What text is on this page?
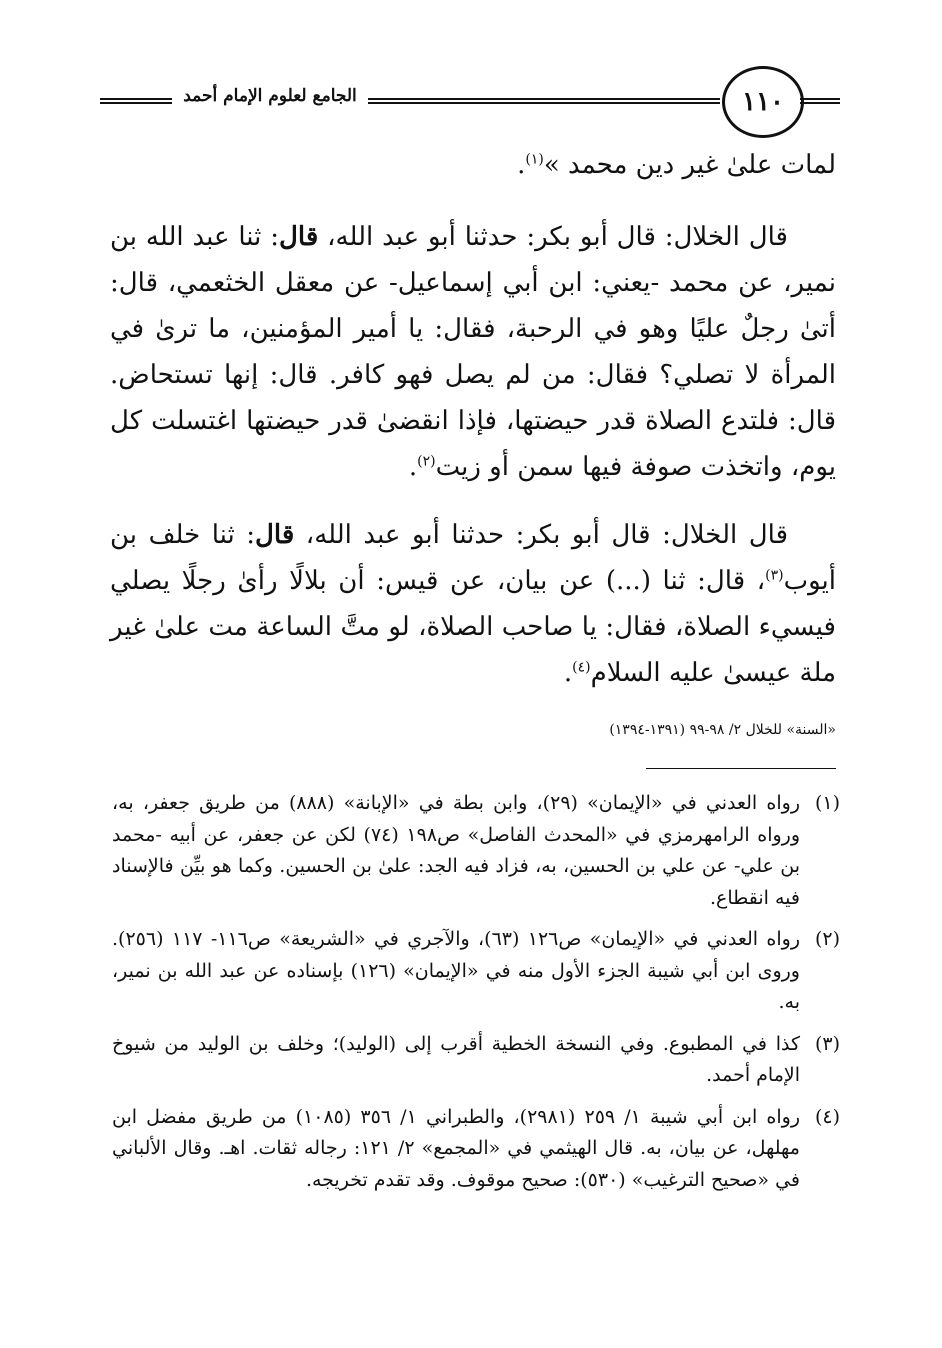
الجامع لعلوم الإمام أحمد	١١٠

لمات علىٰ غير دين محمد »$^{(١)}$.

قال الخلال: قال أبو بكر: حدثنا أبو عبد الله، قال: ثنا عبد الله بن نمير، عن محمد -يعني: ابن أبي إسماعيل- عن معقل الخثعمي، قال: أتىٰ رجلٌ عليًا وهو في الرحبة، فقال: يا أمير المؤمنين، ما ترىٰ في المرأة لا تصلي؟ فقال: من لم يصل فهو كافر. قال: إنها تستحاض. قال: فلتدع الصلاة قدر حيضتها، فإذا انقضىٰ قدر حيضتها اغتسلت كل يوم، واتخذت صوفة فيها سمن أو زيت$^{(٢)}$.

قال الخلال: قال أبو بكر: حدثنا أبو عبد الله، قال: ثنا خلف بن أيوب$^{(٣)}$، قال: ثنا (...) عن بيان، عن قيس: أن بلالًا رأىٰ رجلًا يصلي فيسيء الصلاة، فقال: يا صاحب الصلاة، لو متَّ الساعة مت علىٰ غير ملة عيسىٰ عليه السلام$^{(٤)}$.

«السنة» للخلال ٢/ ٩٨-٩٩ (١٣٩١-١٣٩٤)
(١)
رواه العدني في «الإيمان» (٢٩)، وابن بطة في «الإبانة» (٨٨٨) من طريق جعفر، به، ورواه الرامهرمزي في «المحدث الفاصل» ص١٩٨ (٧٤) لكن عن جعفر، عن أبيه -محمد بن علي- عن علي بن الحسين، به، فزاد فيه الجد: علىٰ بن الحسين. وكما هو بيِّن فالإسناد فيه انقطاع.
(٢)
رواه العدني في «الإيمان» ص١٢٦ (٦٣)، والآجري في «الشريعة» ص١١٦- ١١٧ (٢٥٦). وروى ابن أبي شيبة الجزء الأول منه في «الإيمان» (١٢٦) بإسناده عن عبد الله بن نمير، به.
(٣)
كذا في المطبوع. وفي النسخة الخطية أقرب إلى (الوليد)؛ وخلف بن الوليد من شيوخ الإمام أحمد.
(٤)
رواه ابن أبي شيبة ١/ ٢٥٩ (٢٩٨١)، والطبراني ١/ ٣٥٦ (١٠٨٥) من طريق مفضل ابن مهلهل، عن بيان، به. قال الهيثمي في «المجمع» ٢/ ١٢١: رجاله ثقات. اهـ. وقال الألباني في «صحيح الترغيب» (٥٣٠): صحيح موقوف. وقد تقدم تخريجه.
